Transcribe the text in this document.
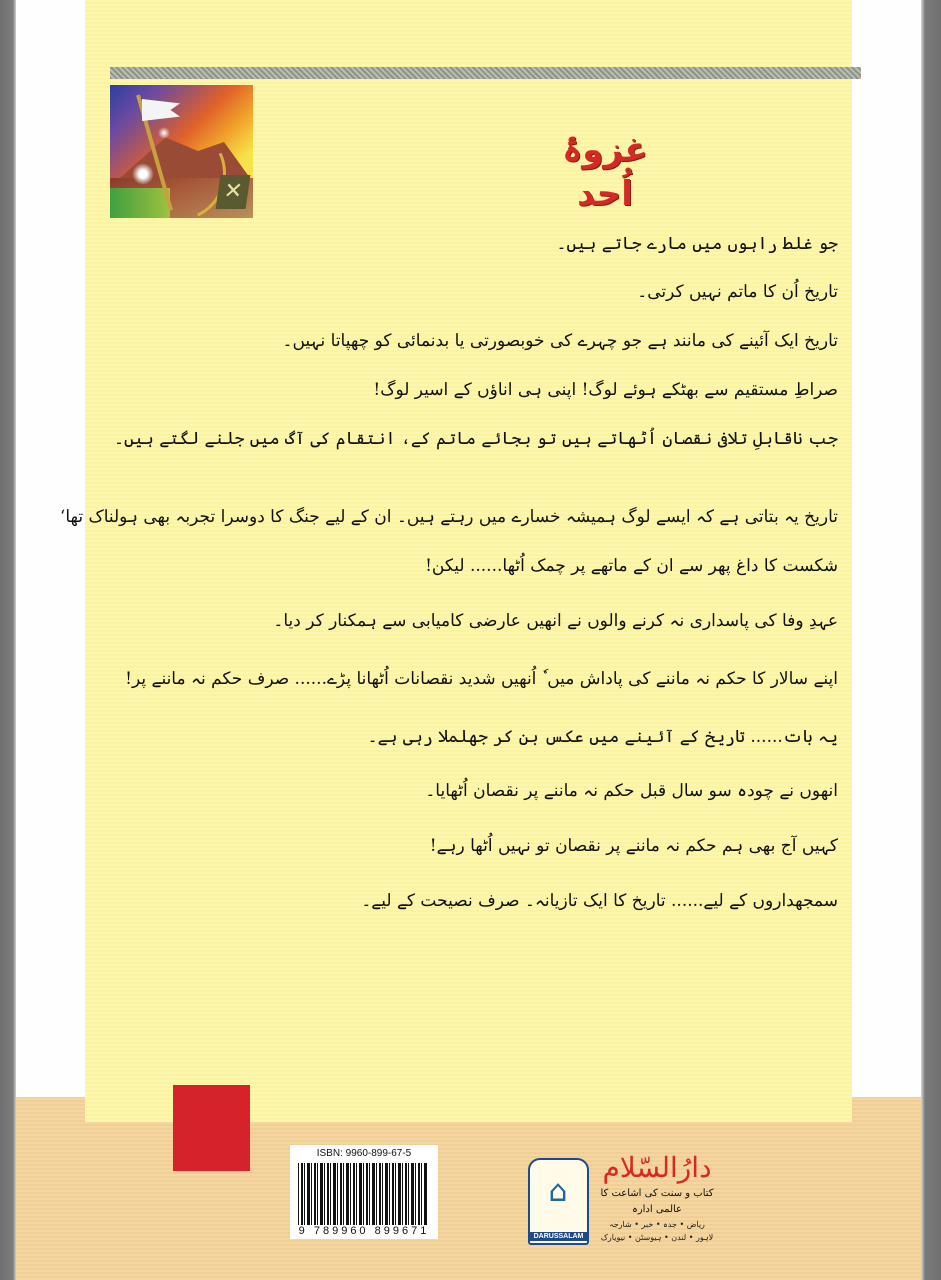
✕
غزوۂ اُحد
جو غلط راہوں میں مارے جاتے ہیں۔
تاریخ اُن کا ماتم نہیں کرتی۔
تاریخ ایک آئینے کی مانند ہے جو چہرے کی خوبصورتی یا بدنمائی کو چھپاتا نہیں۔
صراطِ مستقیم سے بھٹکے ہوئے لوگ! اپنی ہی اناؤں کے اسیر لوگ!
جب ناقابلِ تلافی نقصان اُٹھاتے ہیں تو بجائے ماتم کے، انتقام کی آگ میں جلنے لگتے ہیں۔
تاریخ یہ بتاتی ہے کہ ایسے لوگ ہمیشہ خسارے میں رہتے ہیں۔ ان کے لیے جنگ کا دوسرا تجربہ بھی ہولناک تھا‘
شکست کا داغ پھر سے ان کے ماتھے پر چمک اُٹھا...... لیکن!
عہدِ وفا کی پاسداری نہ کرنے والوں نے انھیں عارضی کامیابی سے ہمکنار کر دیا۔
اپنے سالار کا حکم نہ ماننے کی پاداش میں ٗ اُنھیں شدید نقصانات اُٹھانا پڑے...... صرف حکم نہ ماننے پر!
یہ بات...... تاریخ کے آئینے میں عکس بن کر جھلملا رہی ہے۔
انھوں نے چودہ سو سال قبل حکم نہ ماننے پر نقصان اُٹھایا۔
کہیں آج بھی ہم حکم نہ ماننے پر نقصان تو نہیں اُٹھا رہے!
سمجھداروں کے لیے...... تاریخ کا ایک تازیانہ۔ صرف نصیحت کے لیے۔
ISBN: 9960-899-67-5
9 789960 899671
⌂
DARUSSALAM
دارُالسّلام
کتاب و سنت کی اشاعت کا عالمی ادارہ
ریاض • جدہ • خبر • شارجہ
لاہور • لندن • ہیوسٹن • نیویارک
